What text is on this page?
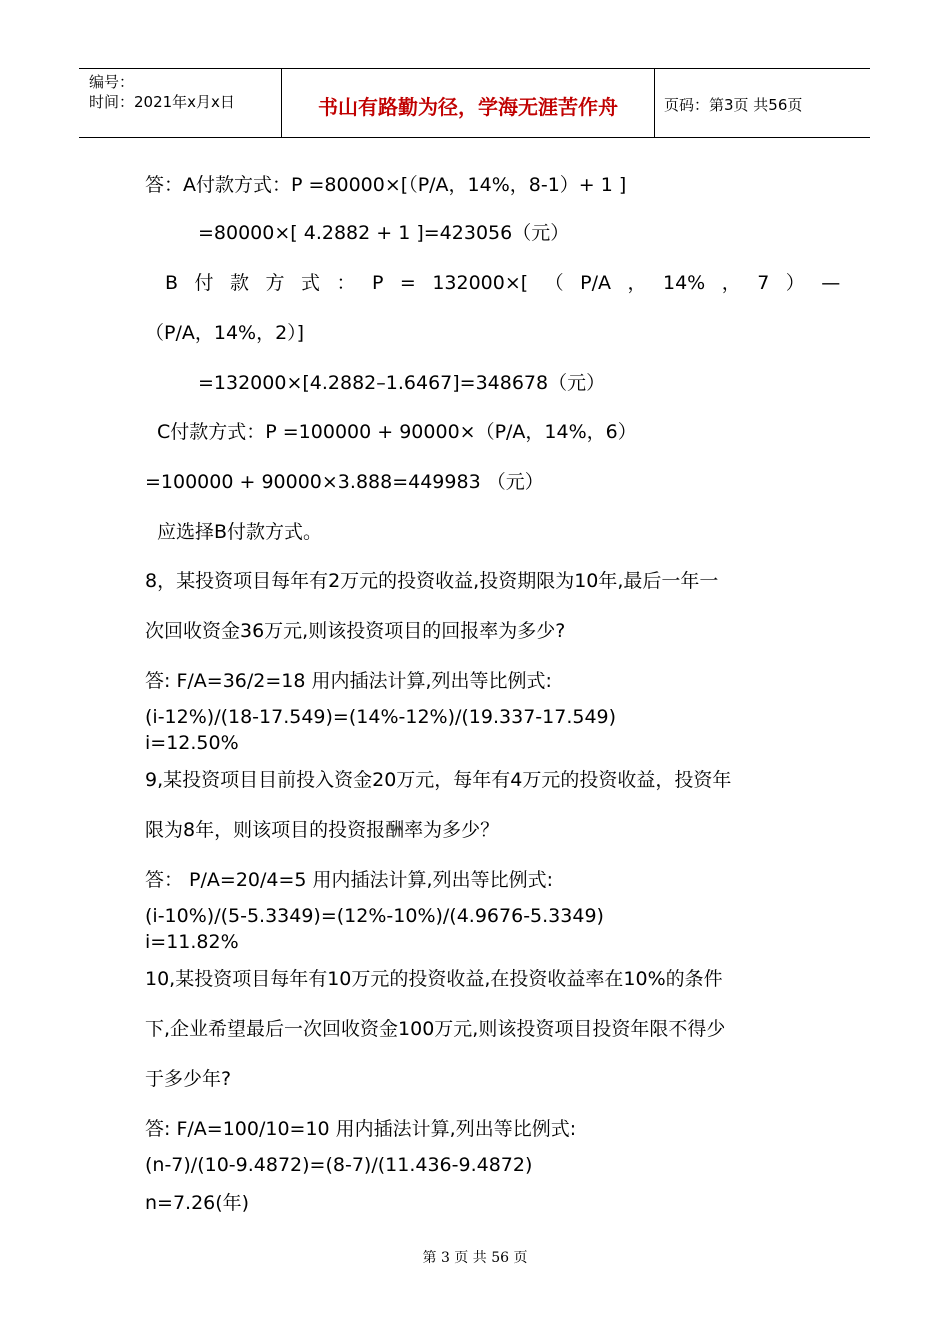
编号：
时间：2021年x月x日	书山有路勤为径，学海无涯苦作舟	页码：第3页 共56页
答：A付款方式：P =80000×[（P/A，14%，8-1）+ 1 ]
=80000×[ 4.2882 + 1 ]=423056（元）
B 付 款 方 式 ： P = 132000×[ （ P/A ， 14% ， 7 ） —
（P/A，14%，2）]
=132000×[4.2882–1.6467]=348678（元）
C付款方式：P =100000 + 90000×（P/A，14%，6）
=100000 + 90000×3.888=449983 （元）
应选择B付款方式。
8，某投资项目每年有2万元的投资收益,投资期限为10年,最后一年一
次回收资金36万元,则该投资项目的回报率为多少?
答: F/A=36/2=18 用内插法计算,列出等比例式:
(i-12%)/(18-17.549)=(14%-12%)/(19.337-17.549)
i=12.50%
9,某投资项目目前投入资金20万元，每年有4万元的投资收益，投资年
限为8年，则该项目的投资报酬率为多少？
答： P/A=20/4=5 用内插法计算,列出等比例式:
(i-10%)/(5-5.3349)=(12%-10%)/(4.9676-5.3349)
i=11.82%
10,某投资项目每年有10万元的投资收益,在投资收益率在10%的条件
下,企业希望最后一次回收资金100万元,则该投资项目投资年限不得少
于多少年?
答: F/A=100/10=10 用内插法计算,列出等比例式:
(n-7)/(10-9.4872)=(8-7)/(11.436-9.4872)
n=7.26(年)
第 3 页 共 56 页
